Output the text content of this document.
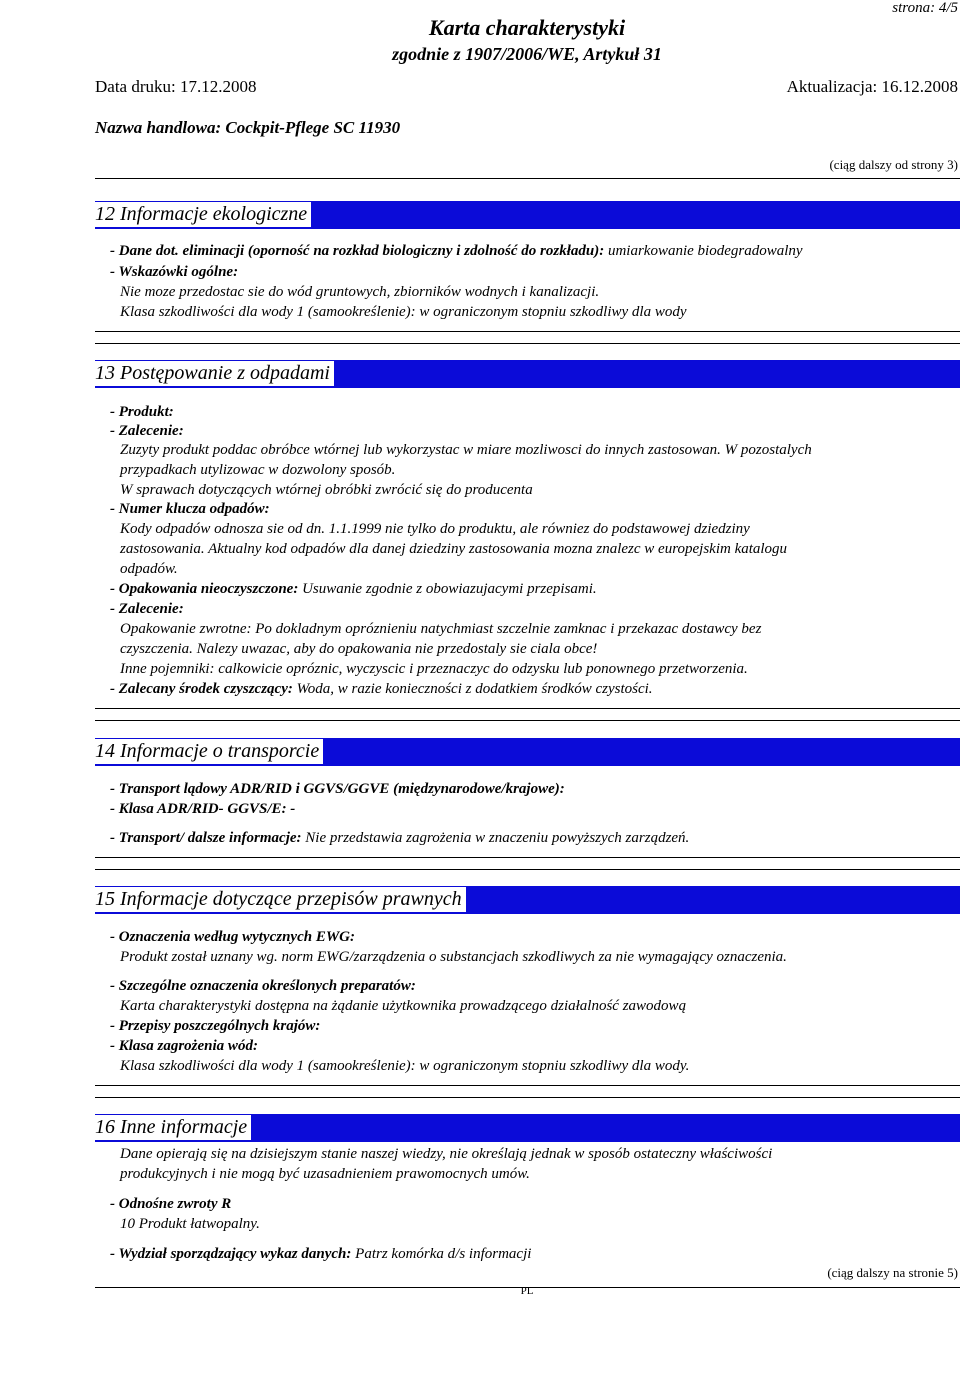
strona: 4/5
Karta charakterystyki
zgodnie z 1907/2006/WE, Artykuł 31
Data druku: 17.12.2008	Aktualizacja: 16.12.2008
Nazwa handlowa: Cockpit-Pflege SC 11930
(ciąg dalszy od strony 3)
12 Informacje ekologiczne
- Dane dot. eliminacji (oporność na rozkład biologiczny i zdolność do rozkładu): umiarkowanie biodegradowalny
- Wskazówki ogólne:
Nie moze przedostac sie do wód gruntowych, zbiorników wodnych i kanalizacji.
Klasa szkodliwości dla wody 1 (samookreślenie): w ograniczonym stopniu szkodliwy dla wody
13 Postępowanie z odpadami
- Produkt:
- Zalecenie:
Zuzyty produkt poddac obróbce wtórnej lub wykorzystac w miare mozliwosci do innych zastosowan. W pozostalych
przypadkach utylizowac w dozwolony sposób.
W sprawach dotyczących wtórnej obróbki zwrócić się do producenta
- Numer klucza odpadów:
Kody odpadów odnosza sie od dn. 1.1.1999 nie tylko do produktu, ale równiez do podstawowej dziedziny
zastosowania. Aktualny kod odpadów dla danej dziedziny zastosowania mozna znalezc w europejskim katalogu
odpadów.
- Opakowania nieoczyszczone: Usuwanie zgodnie z obowiazujacymi przepisami.
- Zalecenie:
Opakowanie zwrotne: Po dokladnym opróznieniu natychmiast szczelnie zamknac i przekazac dostawcy bez
czyszczenia. Nalezy uwazac, aby do opakowania nie przedostaly sie ciala obce!
Inne pojemniki: calkowicie opróznic, wyczyscic i przeznaczyc do odzysku lub ponownego przetworzenia.
- Zalecany środek czyszczący: Woda, w razie konieczności z dodatkiem środków czystości.
14 Informacje o transporcie
- Transport lądowy ADR/RID i GGVS/GGVE (międzynarodowe/krajowe):
- Klasa ADR/RID- GGVS/E: -
- Transport/ dalsze informacje: Nie przedstawia zagrożenia w znaczeniu powyższych zarządzeń.
15 Informacje dotyczące przepisów prawnych
- Oznaczenia według wytycznych EWG:
Produkt został uznany wg. norm EWG/zarządzenia o substancjach szkodliwych za nie wymagający oznaczenia.
- Szczególne oznaczenia określonych preparatów:
Karta charakterystyki dostępna na żądanie użytkownika prowadzącego działalność zawodową
- Przepisy poszczególnych krajów:
- Klasa zagrożenia wód:
Klasa szkodliwości dla wody 1 (samookreślenie): w ograniczonym stopniu szkodliwy dla wody.
16 Inne informacje
Dane opierają się na dzisiejszym stanie naszej wiedzy, nie określają jednak w sposób ostateczny właściwości
produkcyjnych i nie mogą być uzasadnieniem prawomocnych umów.
- Odnośne zwroty R
10 Produkt łatwopalny.
- Wydział sporządzający wykaz danych: Patrz komórka d/s informacji
(ciąg dalszy na stronie 5)
PL
